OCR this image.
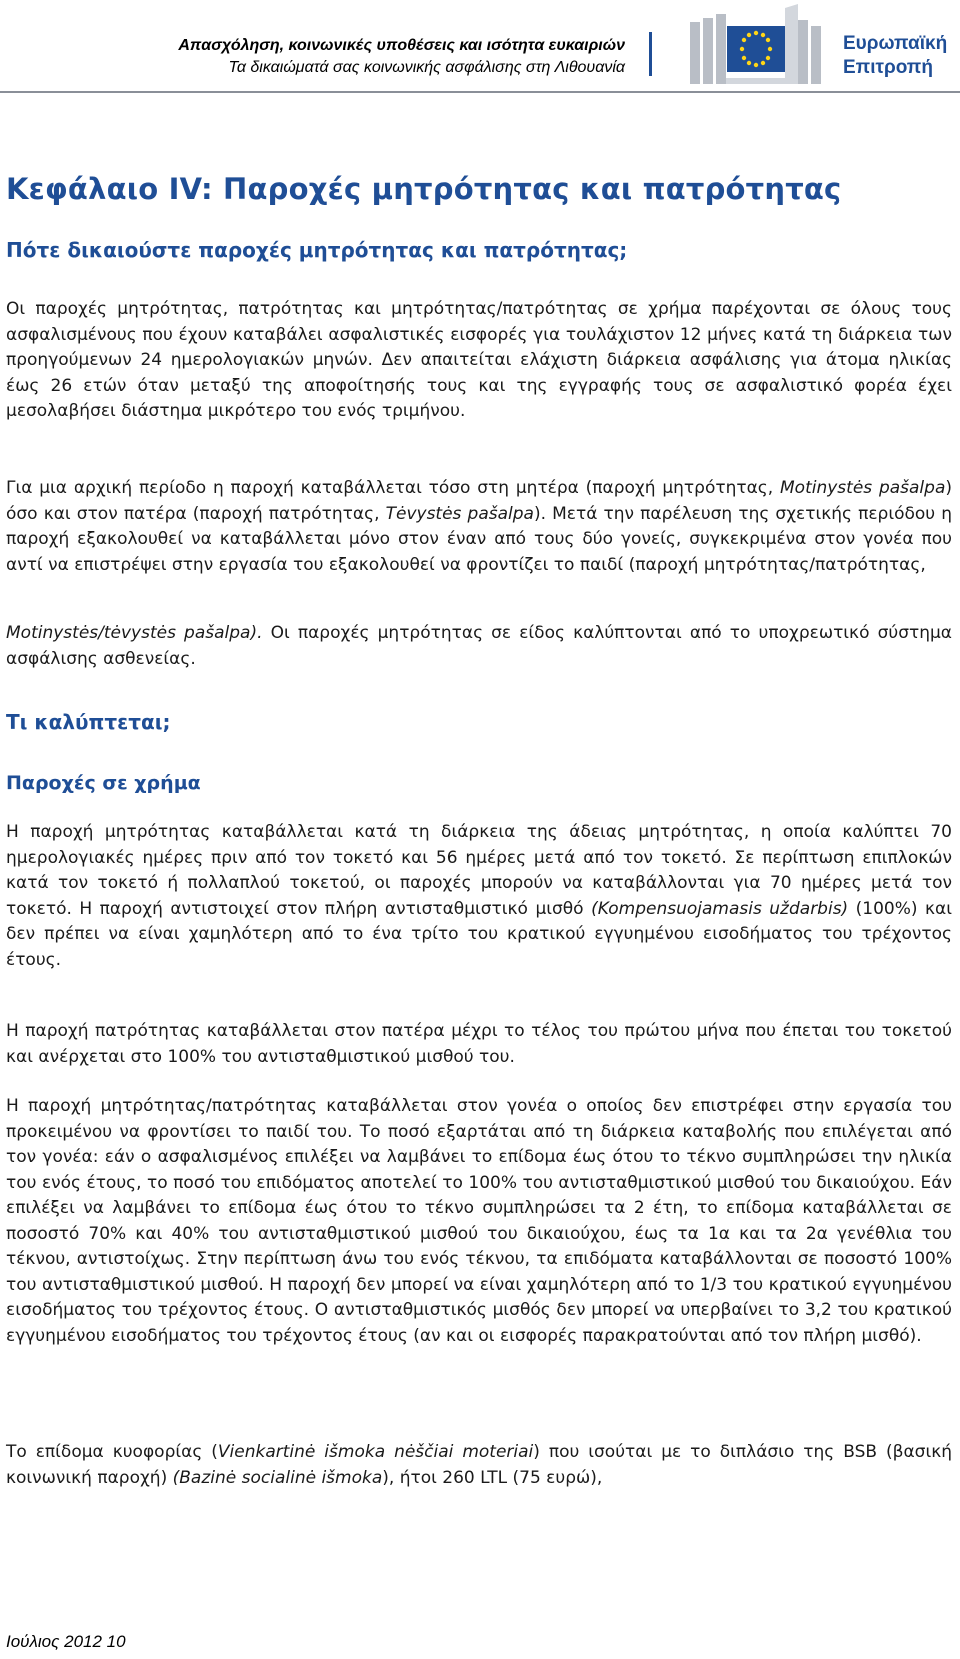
Απασχόληση, κοινωνικές υποθέσεις και ισότητα ευκαιριών
Τα δικαιώματά σας κοινωνικής ασφάλισης στη Λιθουανία
Ευρωπαϊκή
Επιτροπή
Κεφάλαιο IV: Παροχές μητρότητας και πατρότητας
Πότε δικαιούστε παροχές μητρότητας και πατρότητας;
Οι παροχές μητρότητας, πατρότητας και μητρότητας/πατρότητας σε χρήμα παρέχονται σε όλους τους ασφαλισμένους που έχουν καταβάλει ασφαλιστικές εισφορές για τουλάχιστον 12 μήνες κατά τη διάρκεια των προηγούμενων 24 ημερολογιακών μηνών. Δεν απαιτείται ελάχιστη διάρκεια ασφάλισης για άτομα ηλικίας έως 26 ετών όταν μεταξύ της αποφοίτησής τους και της εγγραφής τους σε ασφαλιστικό φορέα έχει μεσολαβήσει διάστημα μικρότερο του ενός τριμήνου.
Για μια αρχική περίοδο η παροχή καταβάλλεται τόσο στη μητέρα (παροχή μητρότητας, Motinystės pašalpa) όσο και στον πατέρα (παροχή πατρότητας, Tėvystės pašalpa). Μετά την παρέλευση της σχετικής περιόδου η παροχή εξακολουθεί να καταβάλλεται μόνο στον έναν από τους δύο γονείς, συγκεκριμένα στον γονέα που αντί να επιστρέψει στην εργασία του εξακολουθεί να φροντίζει το παιδί (παροχή μητρότητας/πατρότητας,
Motinystės/tėvystės pašalpa). Οι παροχές μητρότητας σε είδος καλύπτονται από το υποχρεωτικό σύστημα ασφάλισης ασθενείας.
Τι καλύπτεται;
Παροχές σε χρήμα
Η παροχή μητρότητας καταβάλλεται κατά τη διάρκεια της άδειας μητρότητας, η οποία καλύπτει 70 ημερολογιακές ημέρες πριν από τον τοκετό και 56 ημέρες μετά από τον τοκετό. Σε περίπτωση επιπλοκών κατά τον τοκετό ή πολλαπλού τοκετού, οι παροχές μπορούν να καταβάλλονται για 70 ημέρες μετά τον τοκετό. Η παροχή αντιστοιχεί στον πλήρη αντισταθμιστικό μισθό (Kompensuojamasis uždarbis) (100%) και δεν πρέπει να είναι χαμηλότερη από το ένα τρίτο του κρατικού εγγυημένου εισοδήματος του τρέχοντος έτους.
Η παροχή πατρότητας καταβάλλεται στον πατέρα μέχρι το τέλος του πρώτου μήνα που έπεται του τοκετού και ανέρχεται στο 100% του αντισταθμιστικού μισθού του.
Η παροχή μητρότητας/πατρότητας καταβάλλεται στον γονέα ο οποίος δεν επιστρέφει στην εργασία του προκειμένου να φροντίσει το παιδί του. Το ποσό εξαρτάται από τη διάρκεια καταβολής που επιλέγεται από τον γονέα: εάν ο ασφαλισμένος επιλέξει να λαμβάνει το επίδομα έως ότου το τέκνο συμπληρώσει την ηλικία του ενός έτους, το ποσό του επιδόματος αποτελεί το 100% του αντισταθμιστικού μισθού του δικαιούχου. Εάν επιλέξει να λαμβάνει το επίδομα έως ότου το τέκνο συμπληρώσει τα 2 έτη, το επίδομα καταβάλλεται σε ποσοστό 70% και 40% του αντισταθμιστικού μισθού του δικαιούχου, έως τα 1α και τα 2α γενέθλια του τέκνου, αντιστοίχως. Στην περίπτωση άνω του ενός τέκνου, τα επιδόματα καταβάλλονται σε ποσοστό 100% του αντισταθμιστικού μισθού. Η παροχή δεν μπορεί να είναι χαμηλότερη από το 1/3 του κρατικού εγγυημένου εισοδήματος του τρέχοντος έτους. Ο αντισταθμιστικός μισθός δεν μπορεί να υπερβαίνει το 3,2 του κρατικού εγγυημένου εισοδήματος του τρέχοντος έτους (αν και οι εισφορές παρακρατούνται από τον πλήρη μισθό).
Το επίδομα κυοφορίας (Vienkartinė išmoka nėščiai moteriai) που ισούται με το διπλάσιο της BSB (βασική κοινωνική παροχή) (Bazinė socialinė išmoka), ήτοι 260 LTL (75 ευρώ),
Ιούλιος 2012 10
